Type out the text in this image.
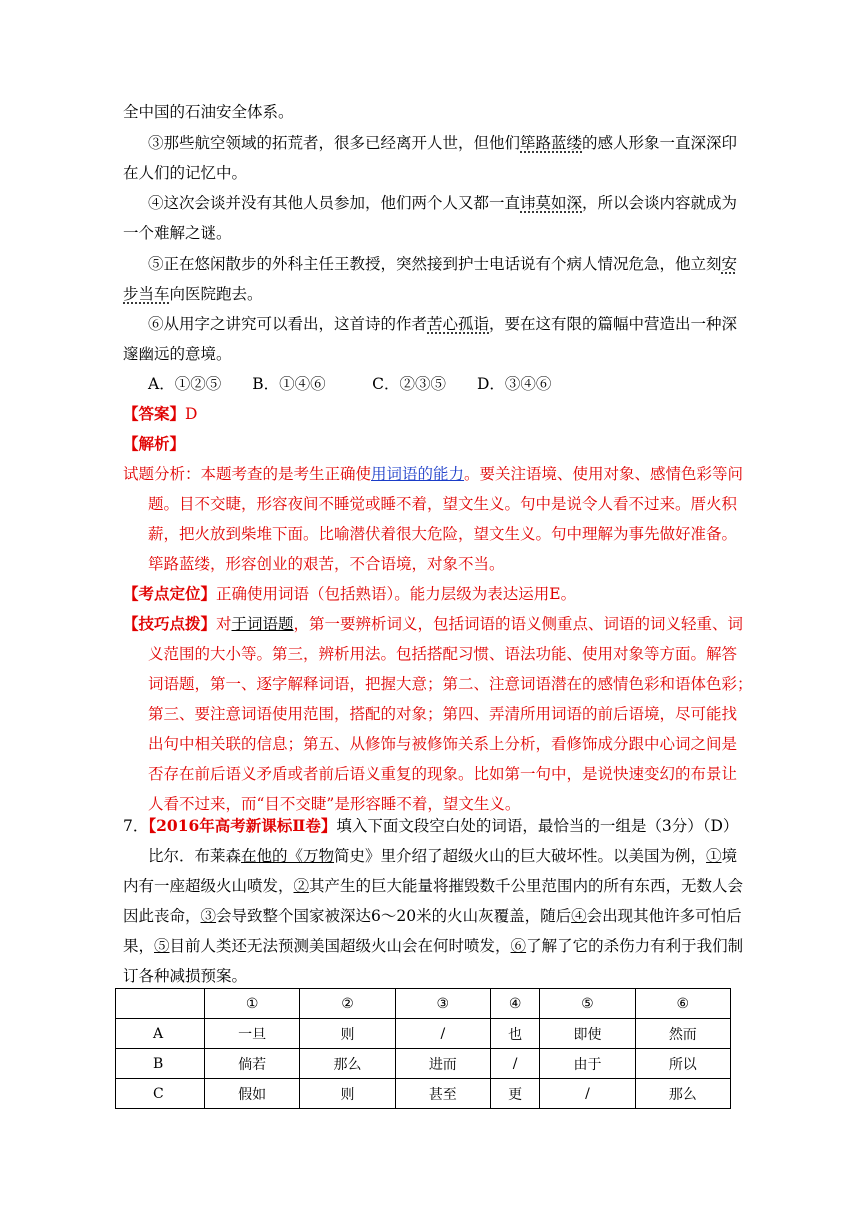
全中国的石油安全体系。
③那些航空领域的拓荒者，很多已经离开人世，但他们筚路蓝缕的感人形象一直深深印
在人们的记忆中。
④这次会谈并没有其他人员参加，他们两个人又都一直讳莫如深，所以会谈内容就成为
一个难解之谜。
⑤正在悠闲散步的外科主任王教授，突然接到护士电话说有个病人情况危急，他立刻安
步当车向医院跑去。
⑥从用字之讲究可以看出，这首诗的作者苦心孤诣，要在这有限的篇幅中营造出一种深
邃幽远的意境。
A．①②⑤　　B．①④⑥　　　C．②③⑤　　D．③④⑥
【答案】D
【解析】
试题分析：本题考查的是考生正确使用词语的能力。要关注语境、使用对象、感情色彩等问
题。目不交睫，形容夜间不睡觉或睡不着，望文生义。句中是说令人看不过来。厝火积
薪，把火放到柴堆下面。比喻潜伏着很大危险，望文生义。句中理解为事先做好准备。
筚路蓝缕，形容创业的艰苦，不合语境，对象不当。
【考点定位】正确使用词语（包括熟语）。能力层级为表达运用E。
【技巧点拨】对于词语题，第一要辨析词义，包括词语的语义侧重点、词语的词义轻重、词
义范围的大小等。第三，辨析用法。包括搭配习惯、语法功能、使用对象等方面。解答
词语题，第一、逐字解释词语，把握大意；第二、注意词语潜在的感情色彩和语体色彩；
第三、要注意词语使用范围，搭配的对象；第四、弄清所用词语的前后语境，尽可能找
出句中相关联的信息；第五、从修饰与被修饰关系上分析，看修饰成分跟中心词之间是
否存在前后语义矛盾或者前后语义重复的现象。比如第一句中，是说快速变幻的布景让
人看不过来，而“目不交睫”是形容睡不着，望文生义。
7．【2016年高考新课标Ⅱ卷】填入下面文段空白处的词语，最恰当的一组是（3分）（D）
比尔．布莱森在他的《万物简史》里介绍了超级火山的巨大破坏性。以美国为例，①境
内有一座超级火山喷发，②其产生的巨大能量将摧毁数千公里范围内的所有东西，无数人会
因此丧命，③会导致整个国家被深达6～20米的火山灰覆盖，随后④会出现其他许多可怕后
果，⑤目前人类还无法预测美国超级火山会在何时喷发，⑥了解了它的杀伤力有利于我们制
订各种减损预案。
	①	②	③	④	⑤	⑥
A	一旦	则	/	也	即使	然而
B	倘若	那么	进而	/	由于	所以
C	假如	则	甚至	更	/	那么
